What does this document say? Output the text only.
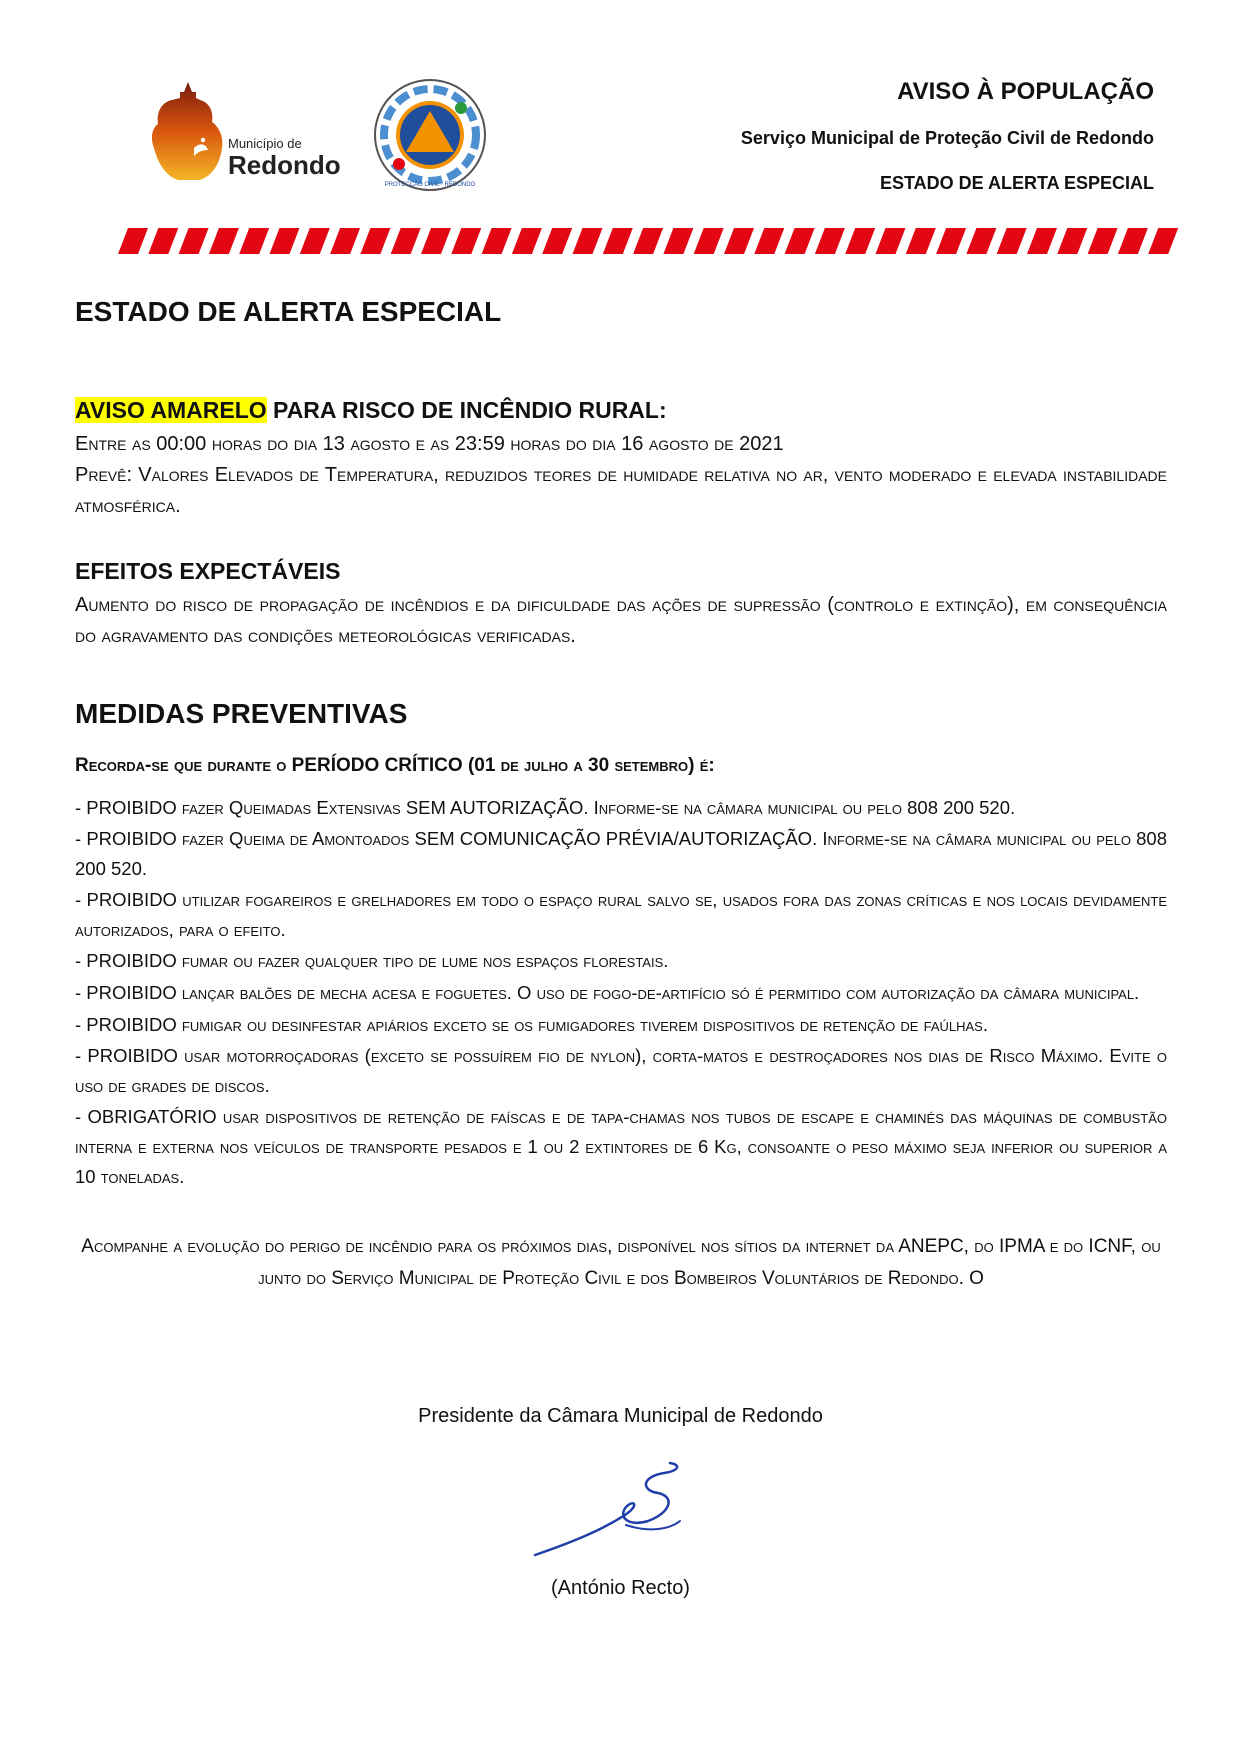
Município de
Redondo
PROTECÇÃO CIVIL · REDONDO
AVISO À POPULAÇÃO
Serviço Municipal de Proteção Civil de Redondo
ESTADO DE ALERTA ESPECIAL
ESTADO DE ALERTA ESPECIAL
AVISO AMARELO PARA RISCO DE INCÊNDIO RURAL:
Entre as 00:00 horas do dia 13 agosto e as 23:59 horas do dia 16 agosto de 2021
Prevê: Valores Elevados de Temperatura, reduzidos teores de humidade relativa no ar, vento moderado e elevada instabilidade atmosférica.
EFEITOS EXPECTÁVEIS
Aumento do risco de propagação de incêndios e da dificuldade das ações de supressão (controlo e extinção), em consequência do agravamento das condições meteorológicas verificadas.
MEDIDAS PREVENTIVAS
Recorda-se que durante o PERÍODO CRÍTICO (01 de julho a 30 setembro) é:

- PROIBIDO fazer Queimadas Extensivas SEM AUTORIZAÇÃO. Informe-se na câmara municipal ou pelo 808 200 520.

- PROIBIDO fazer Queima de Amontoados SEM COMUNICAÇÃO PRÉVIA/AUTORIZAÇÃO. Informe-se na câmara municipal ou pelo 808 200 520.

- PROIBIDO utilizar fogareiros e grelhadores em todo o espaço rural salvo se, usados fora das zonas críticas e nos locais devidamente autorizados, para o efeito.

- PROIBIDO fumar ou fazer qualquer tipo de lume nos espaços florestais.

- PROIBIDO lançar balões de mecha acesa e foguetes. O uso de fogo-de-artifício só é permitido com autorização da câmara municipal.

- PROIBIDO fumigar ou desinfestar apiários exceto se os fumigadores tiverem dispositivos de retenção de faúlhas.

- PROIBIDO usar motorroçadoras (exceto se possuírem fio de nylon), corta-matos e destroçadores nos dias de Risco Máximo. Evite o uso de grades de discos.

- OBRIGATÓRIO usar dispositivos de retenção de faíscas e de tapa-chamas nos tubos de escape e chaminés das máquinas de combustão interna e externa nos veículos de transporte pesados e 1 ou 2 extintores de 6 Kg, consoante o peso máximo seja inferior ou superior a 10 toneladas.

Acompanhe a evolução do perigo de incêndio para os próximos dias, disponível nos sítios da internet da ANEPC, do IPMA e do ICNF, ou junto do Serviço Municipal de Proteção Civil e dos Bombeiros Voluntários de Redondo. O
Presidente da Câmara Municipal de Redondo
(António Recto)
